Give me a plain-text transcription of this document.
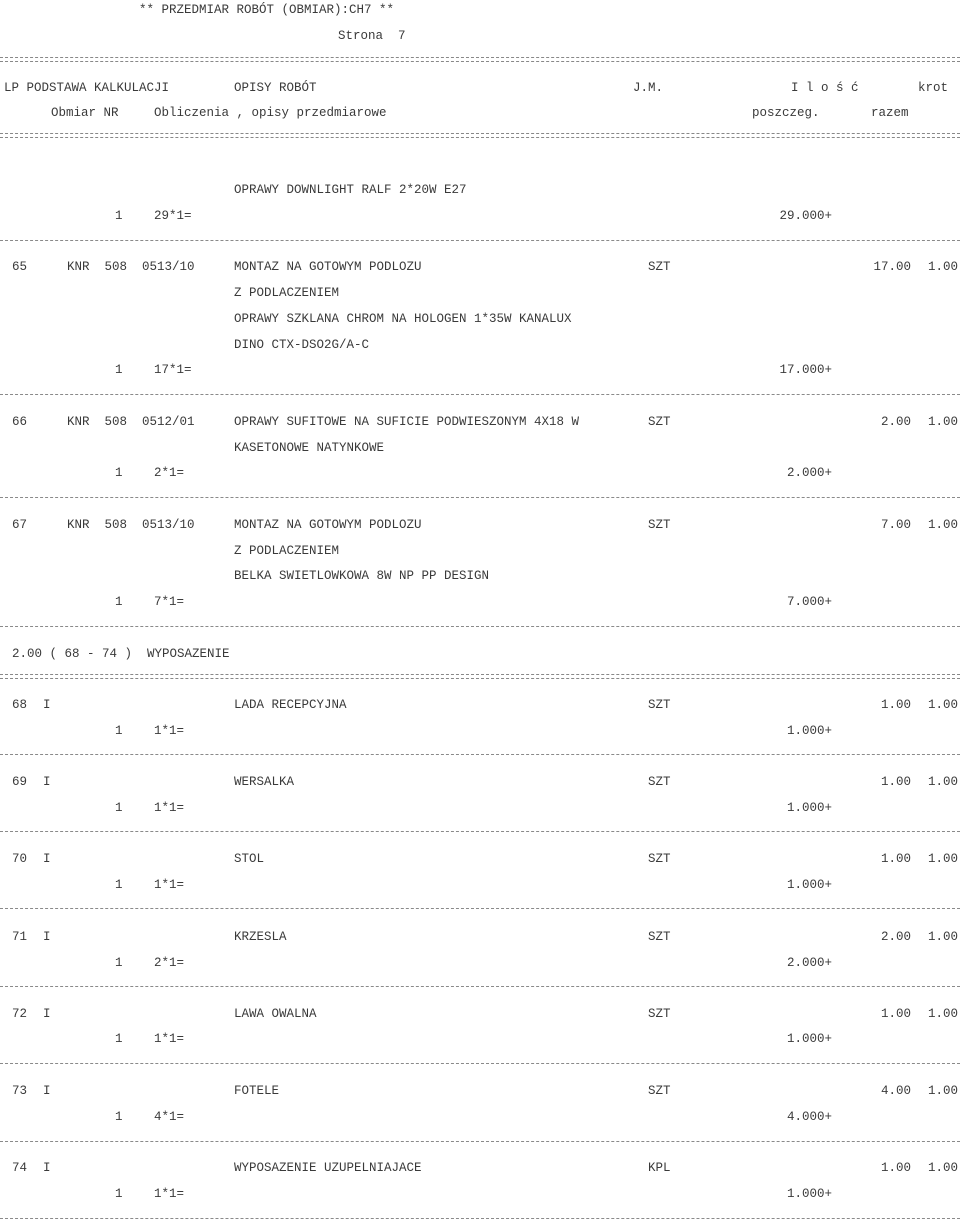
** PRZEDMIAR ROBÓT (OBMIAR):CH7 **
Strona  7
LP PODSTAWA KALKULACJI	OPISY ROBÓT	J.M.	I l o ś ć	krot
Obmiar NR	Obliczenia , opisy przedmiarowe	poszczeg.	razem
OPRAWY DOWNLIGHT RALF 2*20W E27
1	29*1=	29.000+
65	KNR  508  0513/10	MONTAZ NA GOTOWYM PODLOZU
Z PODLACZENIEM
OPRAWY SZKLANA CHROM NA HOLOGEN 1*35W KANALUX
DINO CTX-DSO2G/A-C
SZT	17.00	1.00
1	17*1=	17.000+
66	KNR  508  0512/01	OPRAWY SUFITOWE NA SUFICIE PODWIESZONYM 4X18 W
KASETONOWE NATYNKOWE
SZT	2.00	1.00
1	2*1=	2.000+
67	KNR  508  0513/10	MONTAZ NA GOTOWYM PODLOZU
Z PODLACZENIEM
BELKA SWIETLOWKOWA 8W NP PP DESIGN
SZT	7.00	1.00
1	7*1=	7.000+
2.00 ( 68 - 74 )  WYPOSAZENIE
68 I	LADA RECEPCYJNA	SZT	1.00	1.00
1	1*1=	1.000+
69 I	WERSALKA	SZT	1.00	1.00
1	1*1=	1.000+
70 I	STOL	SZT	1.00	1.00
1	1*1=	1.000+
71 I	KRZESLA	SZT	2.00	1.00
1	2*1=	2.000+
72 I	LAWA OWALNA	SZT	1.00	1.00
1	1*1=	1.000+
73 I	FOTELE	SZT	4.00	1.00
1	4*1=	4.000+
74 I	WYPOSAZENIE UZUPELNIAJACE	KPL	1.00	1.00
1	1*1=	1.000+
